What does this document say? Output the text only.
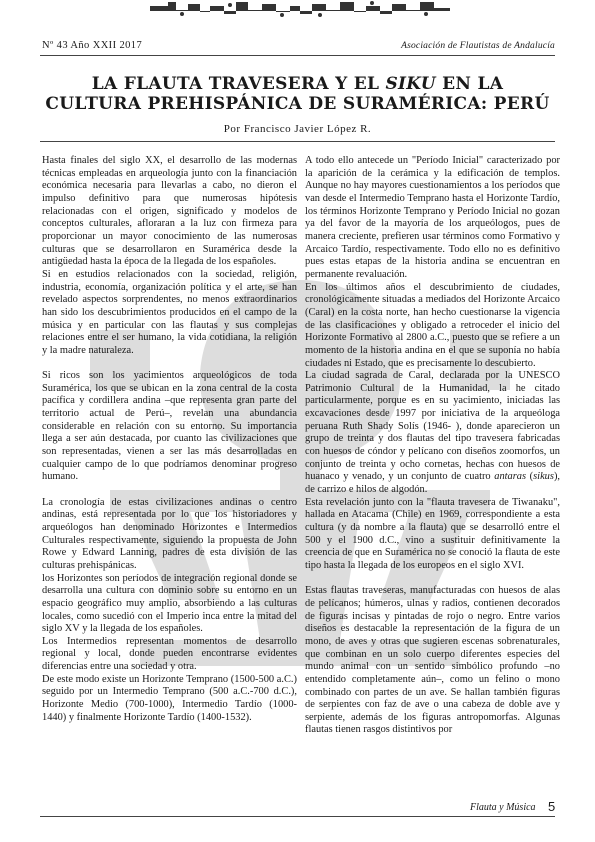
Nº 43 Año XXII 2017	Asociación de Flautistas de Andalucía
LA FLAUTA TRAVESERA Y EL SIKU EN LA
CULTURA PREHISPÁNICA DE SURAMÉRICA: PERÚ
Por Francisco Javier López R.

Hasta finales del siglo XX, el desarrollo de las modernas técnicas empleadas en arqueología junto con la financiación económica necesaria para llevarlas a cabo, no dieron el impulso definitivo para que numerosas hipótesis relacionadas con el origen, significado y modelos de conceptos culturales, afloraran a la luz con firmeza para proporcionar un mayor conocimiento de las numerosas culturas que se desarrollaron en Suramérica desde la antigüedad hasta la época de la llegada de los españoles.

Si en estudios relacionados con la sociedad, religión, industria, economía, organización política y el arte, se han revelado aspectos sorprendentes, no menos extraordinarios han sido los descubrimientos producidos en el campo de la música y en particular con las flautas y sus complejas relaciones entre el ser humano, la vida cotidiana, la religión y la madre naturaleza.

Si ricos son los yacimientos arqueológicos de toda Suramérica, los que se ubican en la zona central de la costa pacífica y cordillera andina –que representa gran parte del territorio actual de Perú–, revelan una abundancia considerable en relación con su entorno. Su importancia llega a ser aún destacada, por cuanto las civilizaciones que son representadas, vienen a ser las más desarrolladas en cualquier campo de lo que podríamos denominar progreso humano.

La cronología de estas civilizaciones andinas o centro andinas, está representada por lo que los historiadores y arqueólogos han denominado Horizontes e Intermedios Culturales respectivamente, siguiendo la propuesta de John Rowe y Edward Lanning, padres de esta división de las culturas prehispánicas.

los Horizontes son períodos de integración regional donde se desarrolla una cultura con dominio sobre su entorno en un espacio geográfico muy amplio, absorbiendo a las culturas locales, como sucedió con el Imperio inca entre la mitad del siglo XV y la llegada de los españoles.

Los Intermedios representan momentos de desarrollo regional y local, donde pueden encontrarse evidentes diferencias entre una sociedad y otra.

De este modo existe un Horizonte Temprano (1500-500 a.C.) seguido por un Intermedio Temprano (500 a.C.-700 d.C.), Horizonte Medio (700-1000), Intermedio Tardío (1000-1440) y finalmente Horizonte Tardío (1400-1532).

A todo ello antecede un "Período Inicial" caracterizado por la aparición de la cerámica y la edificación de templos. Aunque no hay mayores cuestionamientos a los períodos que van desde el Intermedio Temprano hasta el Horizonte Tardío, los términos Horizonte Temprano y Período Inicial no gozan ya del favor de la mayoría de los arqueólogos, pues de manera creciente, prefieren usar términos como Formativo y Arcaico Tardío, respectivamente. Todo ello no es definitivo pues estas etapas de la historia andina se encuentran en permanente revaluación.

En los últimos años el descubrimiento de ciudades, cronológicamente situadas a mediados del Horizonte Arcaico (Caral) en la costa norte, han hecho cuestionarse la vigencia de las clasificaciones y obligado a retroceder el inicio del Horizonte Formativo al 2800 a.C., puesto que se refiere a un momento de la historia andina en el que se suponía no había ciudades ni Estado, que es precisamente lo descubierto.

La ciudad sagrada de Caral, declarada por la UNESCO Patrimonio Cultural de la Humanidad, la he citado particularmente, porque es en su yacimiento, iniciadas las excavaciones desde 1997 por iniciativa de la arqueóloga peruana Ruth Shady Solís (1946- ), donde aparecieron un grupo de treinta y dos flautas del tipo travesera fabricadas con huesos de cóndor y pelícano con diseños zoomorfos, un conjunto de treinta y ocho cornetas, hechas con huesos de huanaco y venado, y un conjunto de cuatro antaras (sikus), de carrizo e hilos de algodón.

Esta revelación junto con la "flauta travesera de Tiwanaku", hallada en Atacama (Chile) en 1969, correspondiente a esta cultura (y da nombre a la flauta) que se desarrolló entre el 500 y el 1900 d.C., vino a sustituir definitivamente la creencia de que en Suramérica no se conoció la flauta de este tipo hasta la llegada de los europeos en el siglo XVI.

Estas flautas traveseras, manufacturadas con huesos de alas de pelícanos; húmeros, ulnas y radios, contienen decorados de figuras incisas y pintadas de rojo o negro. Entre varios diseños es destacable la representación de la figura de un mono, de aves y otras que sugieren escenas sobrenaturales, que combinan en un solo cuerpo diferentes especies del mundo animal con un sentido simbólico profundo –no entendido completamente aún–, como un felino o mono combinado con partes de un ave. Se hallan también figuras de serpientes con faz de ave o una cabeza de doble ave y serpiente, además de los figuras antropomorfas. Algunas flautas tienen rasgos distintivos por

Flauta y Música 5
